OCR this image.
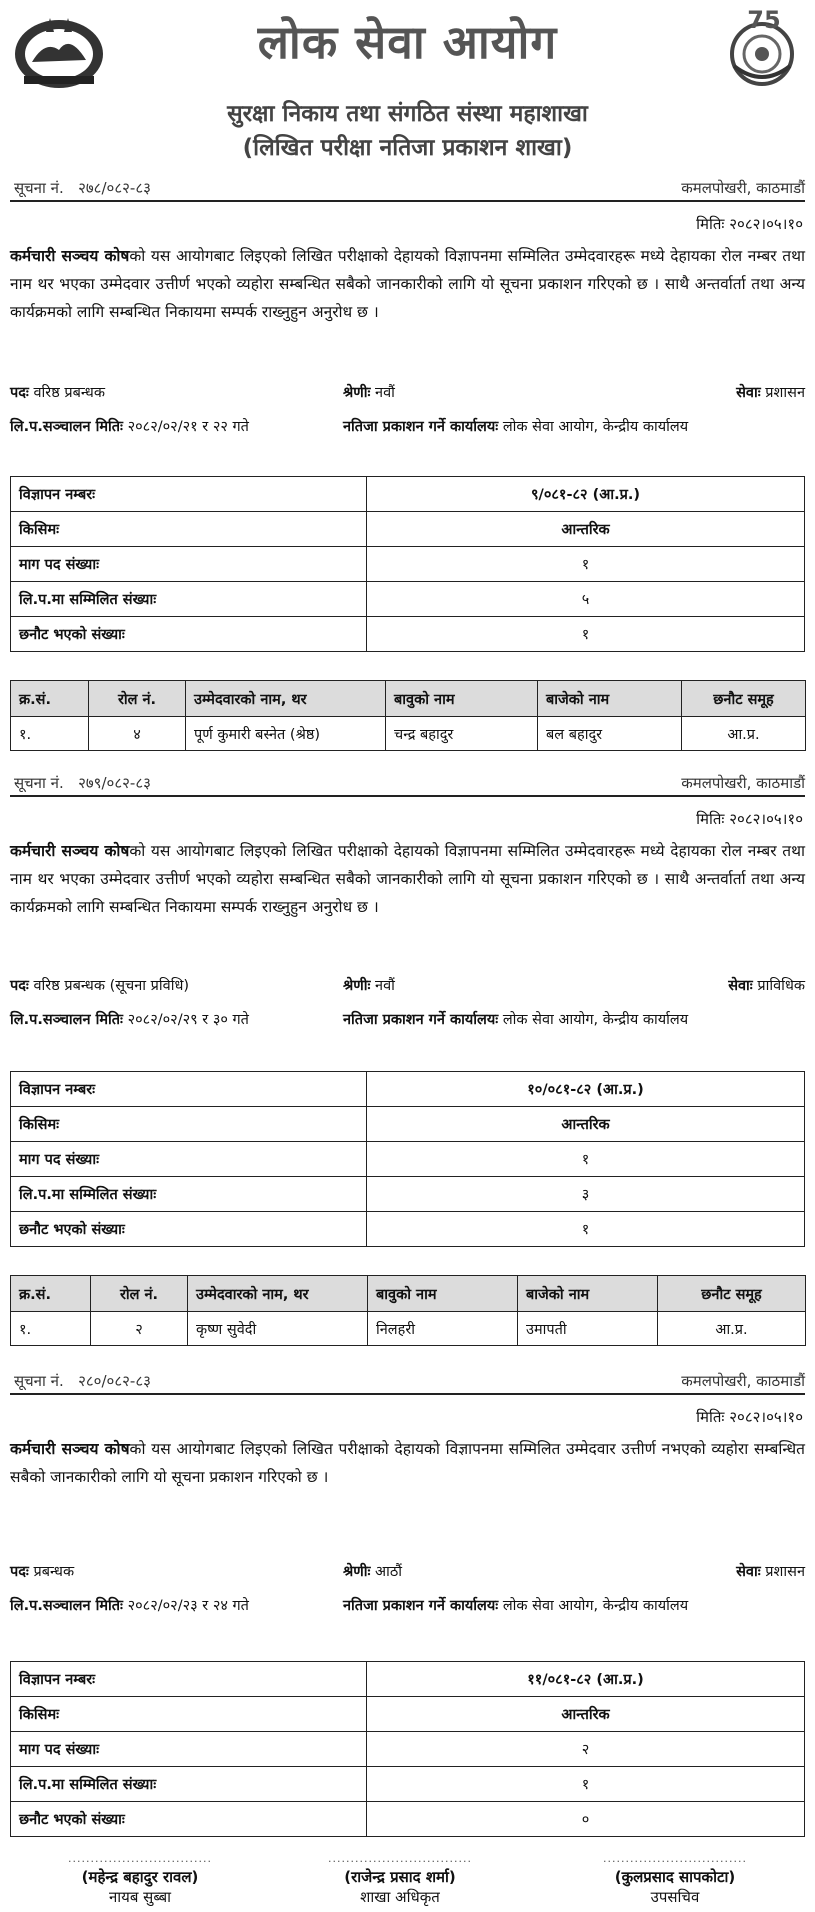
लोक सेवा आयोग	75
सुरक्षा निकाय तथा संगठित संस्था महाशाखा
(लिखित परीक्षा नतिजा प्रकाशन शाखा)
सूचना नं. २७८/०८२-८३	कमलपोखरी, काठमाडौं
मितिः २०८२।०५।१०
कर्मचारी सञ्चय कोषको यस आयोगबाट लिइएको लिखित परीक्षाको देहायको विज्ञापनमा सम्मिलित उम्मेदवारहरू मध्ये देहायका रोल नम्बर तथा नाम थर भएका उम्मेदवार उत्तीर्ण भएको व्यहोरा सम्बन्धित सबैको जानकारीको लागि यो सूचना प्रकाशन गरिएको छ । साथै अन्तर्वार्ता तथा अन्य कार्यक्रमको लागि सम्बन्धित निकायमा सम्पर्क राख्नुहुन अनुरोध छ ।
पदः वरिष्ठ प्रबन्धक	श्रेणीः नवौं	सेवाः प्रशासन
लि.प.सञ्चालन मितिः २०८२/०२/२१ र २२ गते	नतिजा प्रकाशन गर्ने कार्यालयः लोक सेवा आयोग, केन्द्रीय कार्यालय
विज्ञापन नम्बरः	९/०८१-८२ (आ.प्र.)
किसिमः	आन्तरिक
माग पद संख्याः	१
लि.प.मा सम्मिलित संख्याः	५
छनौट भएको संख्याः	१
क्र.सं.	रोल नं.	उम्मेदवारको नाम, थर	बावुको नाम	बाजेको नाम	छनौट समूह
१.	४	पूर्ण कुमारी बस्नेत (श्रेष्ठ)	चन्द्र बहादुर	बल बहादुर	आ.प्र.
सूचना नं. २७९/०८२-८३	कमलपोखरी, काठमाडौं
मितिः २०८२।०५।१०
कर्मचारी सञ्चय कोषको यस आयोगबाट लिइएको लिखित परीक्षाको देहायको विज्ञापनमा सम्मिलित उम्मेदवारहरू मध्ये देहायका रोल नम्बर तथा नाम थर भएका उम्मेदवार उत्तीर्ण भएको व्यहोरा सम्बन्धित सबैको जानकारीको लागि यो सूचना प्रकाशन गरिएको छ । साथै अन्तर्वार्ता तथा अन्य कार्यक्रमको लागि सम्बन्धित निकायमा सम्पर्क राख्नुहुन अनुरोध छ ।
पदः वरिष्ठ प्रबन्धक (सूचना प्रविधि)	श्रेणीः नवौं	सेवाः प्राविधिक
लि.प.सञ्चालन मितिः २०८२/०२/२९ र ३० गते	नतिजा प्रकाशन गर्ने कार्यालयः लोक सेवा आयोग, केन्द्रीय कार्यालय
विज्ञापन नम्बरः	१०/०८१-८२ (आ.प्र.)
किसिमः	आन्तरिक
माग पद संख्याः	१
लि.प.मा सम्मिलित संख्याः	३
छनौट भएको संख्याः	१
क्र.सं.	रोल नं.	उम्मेदवारको नाम, थर	बावुको नाम	बाजेको नाम	छनौट समूह
१.	२	कृष्ण सुवेदी	निलहरी	उमापती	आ.प्र.
सूचना नं. २८०/०८२-८३	कमलपोखरी, काठमाडौं
मितिः २०८२।०५।१०
कर्मचारी सञ्चय कोषको यस आयोगबाट लिइएको लिखित परीक्षाको देहायको विज्ञापनमा सम्मिलित उम्मेदवार उत्तीर्ण नभएको व्यहोरा सम्बन्धित सबैको जानकारीको लागि यो सूचना प्रकाशन गरिएको छ ।
पदः प्रबन्धक	श्रेणीः आठौं	सेवाः प्रशासन
लि.प.सञ्चालन मितिः २०८२/०२/२३ र २४ गते	नतिजा प्रकाशन गर्ने कार्यालयः लोक सेवा आयोग, केन्द्रीय कार्यालय
विज्ञापन नम्बरः	११/०८१-८२ (आ.प्र.)
किसिमः	आन्तरिक
माग पद संख्याः	२
लि.प.मा सम्मिलित संख्याः	१
छनौट भएको संख्याः	०
................................
(महेन्द्र बहादुर रावल)
नायब सुब्बा
................................
(राजेन्द्र प्रसाद शर्मा)
शाखा अधिकृत
................................
(कुलप्रसाद सापकोटा)
उपसचिव
